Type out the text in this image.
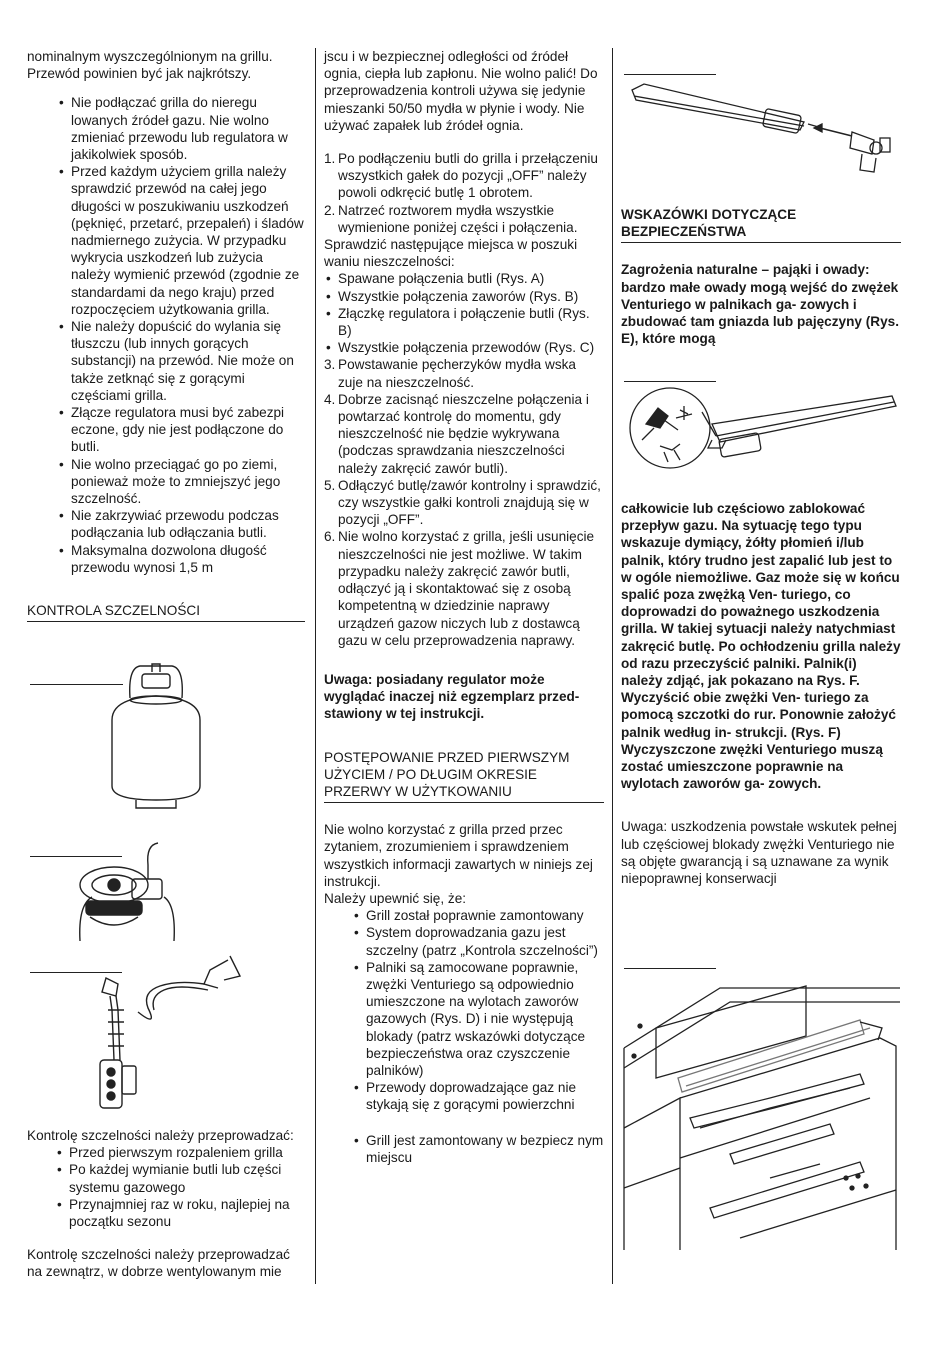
nominalnym wyszczególnionym na grillu. Przewód powinien być jak najkrótszy.

• Nie podłączać grilla do nieregu lowanych źródeł gazu. Nie wolno zmieniać przewodu lub regulatora w jakikolwiek sposób.
• Przed każdym użyciem grilla należy sprawdzić przewód na całej jego długości w poszukiwaniu uszkodzeń (pęknięć, przetarć, przepaleń) i śladów nadmiernego zużycia. W przypadku wykrycia uszkodzeń lub zużycia należy wymienić przewód (zgodnie ze standardami da nego kraju) przed rozpoczęciem użytkowania grilla.
• Nie należy dopuścić do wylania się tłuszczu (lub innych gorących substancji) na przewód. Nie może on także zetknąć się z gorącymi częściami grilla.
• Złącze regulatora musi być zabezpi eczone, gdy nie jest podłączone do butli.
• Nie wolno przeciągać go po ziemi, ponieważ może to zmniejszyć jego szczelność.
• Nie zakrzywiać przewodu podczas podłączania lub odłączania butli.
• Maksymalna dozwolona długość przewodu wynosi 1,5 m

KONTROLA SZCZELNOŚCI

Kontrolę szczelności należy przeprowadzać:

• Przed pierwszym rozpaleniem grilla
• Po każdej wymianie butli lub części systemu gazowego
• Przynajmniej raz w roku, najlepiej na początku sezonu

Kontrolę szczelności należy przeprowadzać na zewnątrz, w dobrze wentylowanym mie

jscu i w bezpiecznej odległości od źródeł ognia, ciepła lub zapłonu. Nie wolno palić! Do przeprowadzenia kontroli używa się jedynie mieszanki 50/50 mydła w płynie i wody. Nie używać zapałek lub źródeł ognia.

1. Po podłączeniu butli do grilla i przełączeniu wszystkich gałek do pozycji „OFF” należy powoli odkręcić butlę 1 obrotem.
2. Natrzeć roztworem mydła wszystkie wymienione poniżej części i połączenia.

Sprawdzić następujące miejsca w poszuki waniu nieszczelności:

• Spawane połączenia butli (Rys. A)
• Wszystkie połączenia zaworów (Rys. B)
• Złączkę regulatora i połączenie butli (Rys. B)
• Wszystkie połączenia przewodów (Rys. C)
3. Powstawanie pęcherzyków mydła wska zuje na nieszczelność.
4. Dobrze zacisnąć nieszczelne połączenia i powtarzać kontrolę do momentu, gdy nieszczelność nie będzie wykrywana (podczas sprawdzania nieszczelności należy zakręcić zawór butli).
5. Odłączyć butlę/zawór kontrolny i sprawdzić, czy wszystkie gałki kontroli znajdują się w pozycji „OFF”.
6. Nie wolno korzystać z grilla, jeśli usunięcie nieszczelności nie jest możliwe. W takim przypadku należy zakręcić zawór butli, odłączyć ją i skontaktować się z osobą kompetentną w dziedzinie naprawy urządzeń gazow niczych lub z dostawcą gazu w celu przeprowadzenia naprawy.

Uwaga: posiadany regulator może wyglądać inaczej niż egzemplarz przed- stawiony w tej instrukcji.

POSTĘPOWANIE PRZED PIERWSZYM UŻYCIEM / PO DŁUGIM OKRESIE PRZERWY W UŻYTKOWANIU

Nie wolno korzystać z grilla przed przec zytaniem, zrozumieniem i sprawdzeniem wszystkich informacji zawartych w niniejs zej instrukcji.

Należy upewnić się, że:

• Grill został poprawnie zamontowany
• System doprowadzania gazu jest szczelny (patrz „Kontrola szczelności”)
• Palniki są zamocowane poprawnie, zwężki Venturiego są odpowiednio umieszczone na wylotach zaworów gazowych (Rys. D) i nie występują blokady (patrz wskazówki dotyczące bezpieczeństwa oraz czyszczenie palników)
• Przewody doprowadzające gaz nie stykają się z gorącymi powierzchni
• Grill jest zamontowany w bezpiecz nym miejscu

WSKAZÓWKI DOTYCZĄCE BEZPIECZEŃSTWA

Zagrożenia naturalne – pająki i owady: bardzo małe owady mogą wejść do zwężek Venturiego w palnikach ga- zowych i zbudować tam gniazda lub pajęczyny (Rys. E), które mogą

całkowicie lub częściowo zablokować przepływ gazu. Na sytuację tego typu wskazuje dymiący, żółty płomień i/lub palnik, który trudno jest zapalić lub jest to w ogóle niemożliwe. Gaz może się w końcu spalić poza zwężką Ven- turiego, co doprowadzi do poważnego uszkodzenia grilla. W takiej sytuacji należy natychmiast zakręcić butlę. Po ochłodzeniu grilla należy od razu przeczyścić palniki. Palnik(i) należy zdjąć, jak pokazano na Rys. F. Wyczyścić obie zwężki Ven- turiego za pomocą szczotki do rur. Ponownie założyć palnik według in- strukcji. (Rys. F) Wyczyszczone zwężki Venturiego muszą zostać umieszczone poprawnie na wylotach zaworów ga- zowych.

Uwaga: uszkodzenia powstałe wskutek pełnej lub częściowej blokady zwężki Venturiego nie są objęte gwarancją i są uznawane za wynik niepoprawnej konserwacji
